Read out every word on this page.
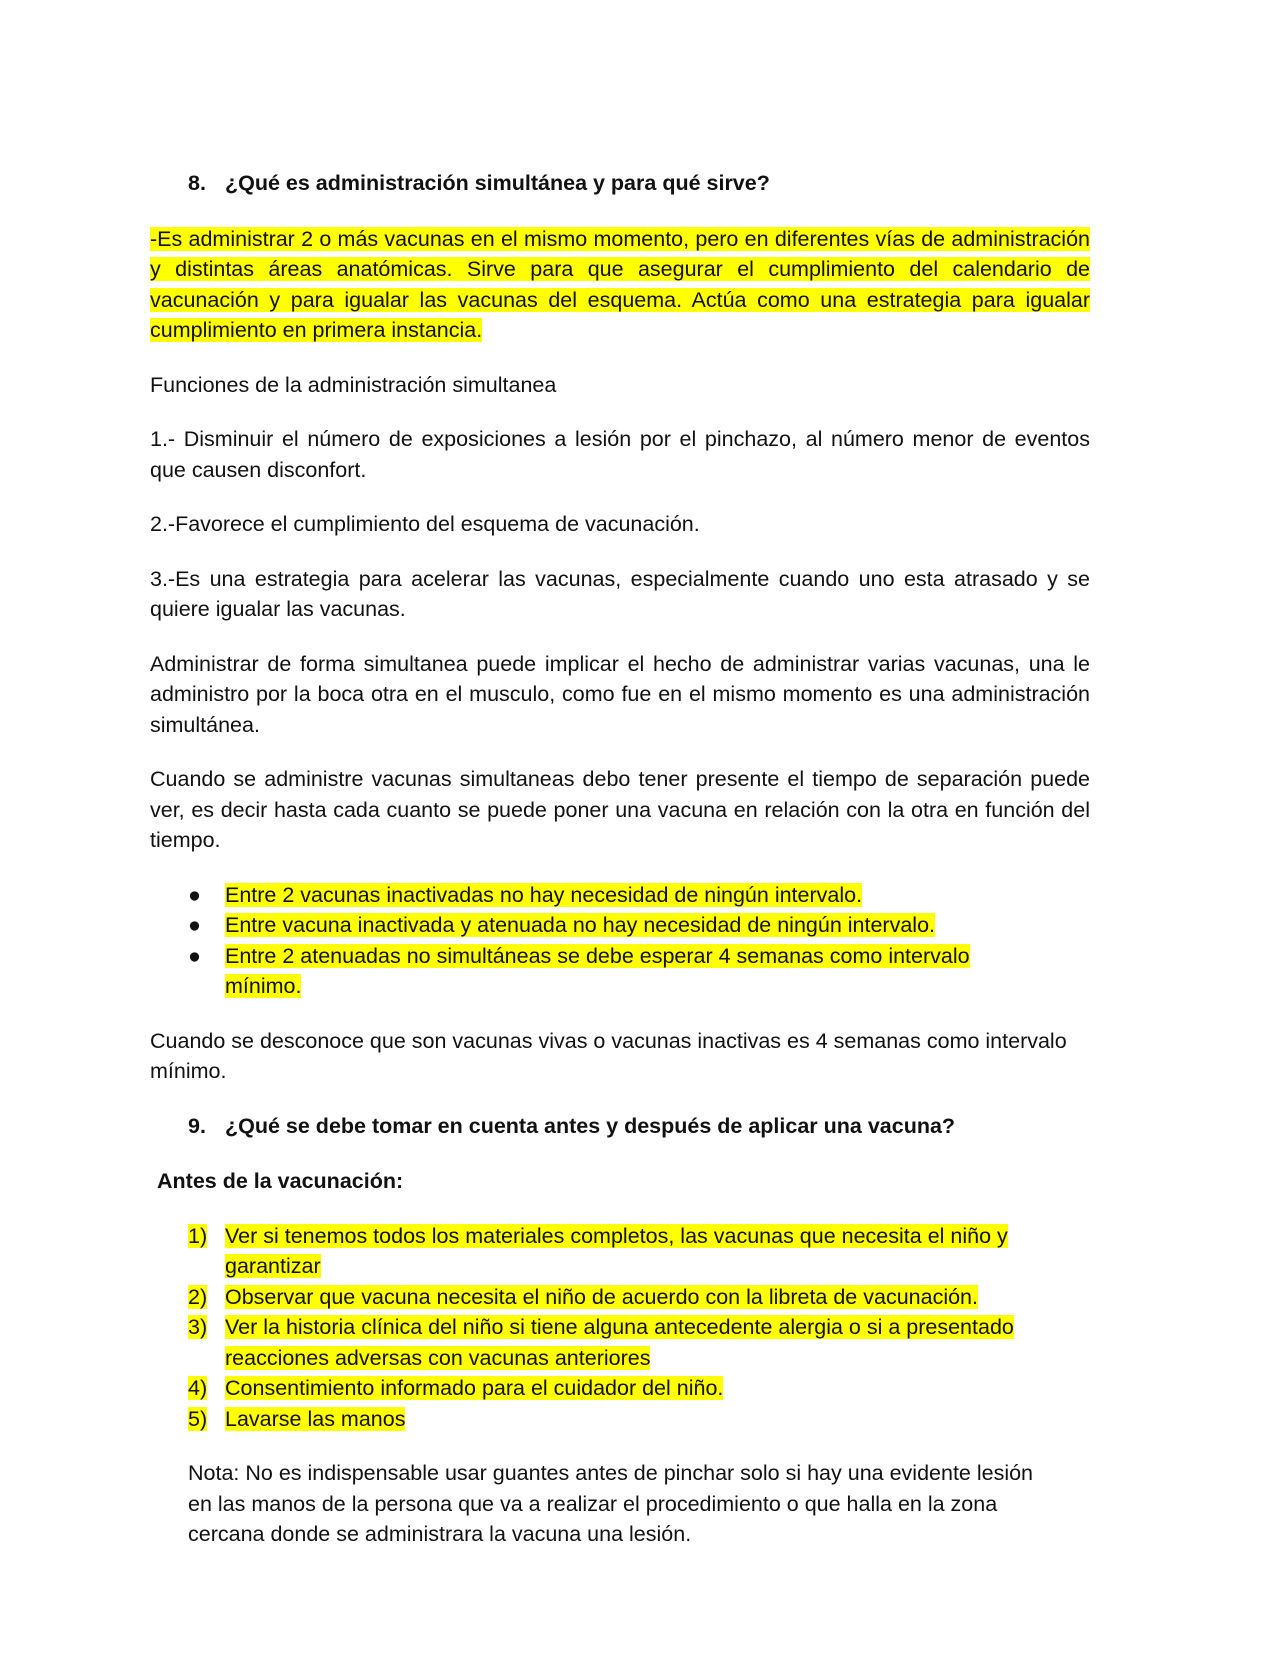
8. ¿Qué es administración simultánea y para qué sirve?

-Es administrar 2 o más vacunas en el mismo momento, pero en diferentes vías de administración y distintas áreas anatómicas. Sirve para que asegurar el cumplimiento del calendario de vacunación y para igualar las vacunas del esquema. Actúa como una estrategia para igualar cumplimiento en primera instancia.

Funciones de la administración simultanea

1.- Disminuir el número de exposiciones a lesión por el pinchazo, al número menor de eventos que causen disconfort.

2.-Favorece el cumplimiento del esquema de vacunación.

3.-Es una estrategia para acelerar las vacunas, especialmente cuando uno esta atrasado y se quiere igualar las vacunas.

Administrar de forma simultanea puede implicar el hecho de administrar varias vacunas, una le administro por la boca otra en el musculo, como fue en el mismo momento es una administración simultánea.

Cuando se administre vacunas simultaneas debo tener presente el tiempo de separación puede ver, es decir hasta cada cuanto se puede poner una vacuna en relación con la otra en función del tiempo.

●	Entre 2 vacunas inactivadas no hay necesidad de ningún intervalo.
●	Entre vacuna inactivada y atenuada no hay necesidad de ningún intervalo.
●	Entre 2 atenuadas no simultáneas se debe esperar 4 semanas como intervalo mínimo.

Cuando se desconoce que son vacunas vivas o vacunas inactivas es 4 semanas como intervalo mínimo.

9. ¿Qué se debe tomar en cuenta antes y después de aplicar una vacuna?
Antes de la vacunación:
1) Ver si tenemos todos los materiales completos, las vacunas que necesita el niño y garantizar
2) Observar que vacuna necesita el niño de acuerdo con la libreta de vacunación.
3) Ver la historia clínica del niño si tiene alguna antecedente alergia o si a presentado reacciones adversas con vacunas anteriores
4) Consentimiento informado para el cuidador del niño.
5) Lavarse las manos

Nota: No es indispensable usar guantes antes de pinchar solo si hay una evidente lesión en las manos de la persona que va a realizar el procedimiento o que halla en la zona cercana donde se administrara la vacuna una lesión.
